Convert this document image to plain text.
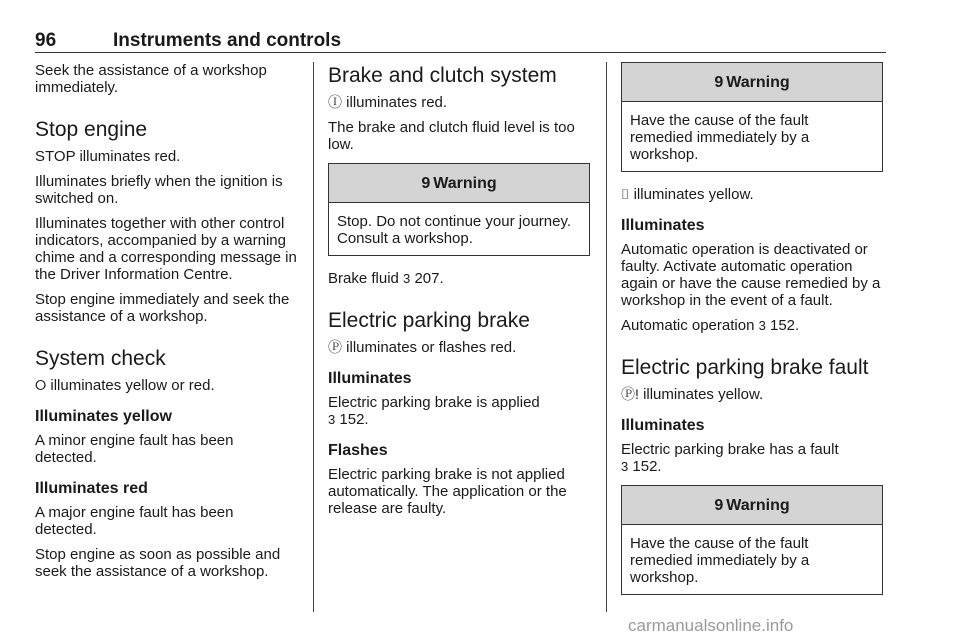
96	Instruments and controls

Seek the assistance of a workshop immediately.

Stop engine

STOP illuminates red.

Illuminates briefly when the ignition is switched on.

Illuminates together with other control indicators, accompanied by a warning chime and a corresponding message in the Driver Information Centre.

Stop engine immediately and seek the assistance of a workshop.

System check

⭘ illuminates yellow or red.

Illuminates yellow

A minor engine fault has been detected.

Illuminates red

A major engine fault has been detected.

Stop engine as soon as possible and seek the assistance of a workshop.

Brake and clutch system

Ⓘ illuminates red.

The brake and clutch fluid level is too low.

9 Warning
Stop. Do not continue your journey. Consult a workshop.

Brake fluid 3 207.

Electric parking brake

Ⓟ illuminates or flashes red.

Illuminates

Electric parking brake is applied
3 152.

Flashes

Electric parking brake is not applied automatically. The application or the release are faulty.

9 Warning
Have the cause of the fault remedied immediately by a workshop.

⌷ illuminates yellow.

Illuminates

Automatic operation is deactivated or faulty. Activate automatic operation again or have the cause remedied by a workshop in the event of a fault.

Automatic operation 3 152.

Electric parking brake fault

Ⓟ! illuminates yellow.

Illuminates

Electric parking brake has a fault
3 152.

9 Warning
Have the cause of the fault remedied immediately by a workshop.
carmanualsonline.info
